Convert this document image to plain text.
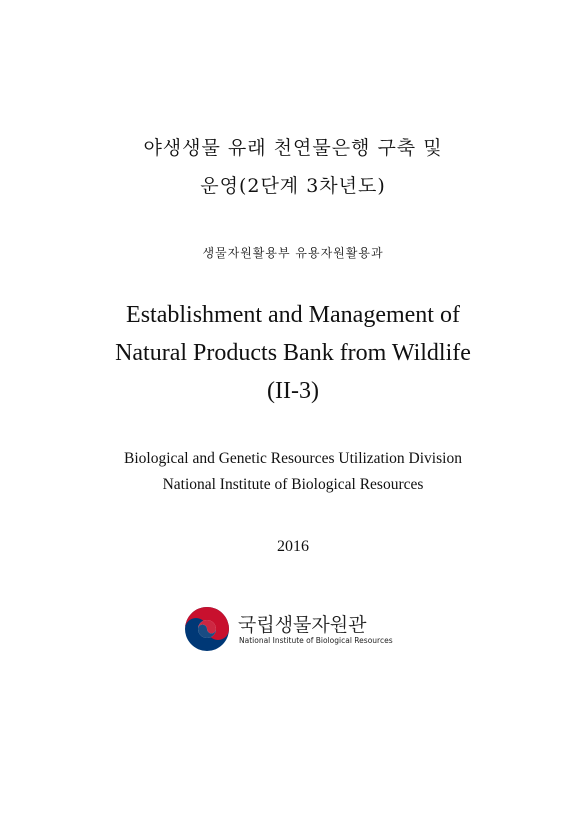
야생생물 유래 천연물은행 구축 및
운영(2단계 3차년도)
생물자원활용부 유용자원활용과
Establishment and Management of
Natural Products Bank from Wildlife
(II-3)
Biological and Genetic Resources Utilization Division
National Institute of Biological Resources
2016
국립생물자원관
National Institute of Biological Resources
